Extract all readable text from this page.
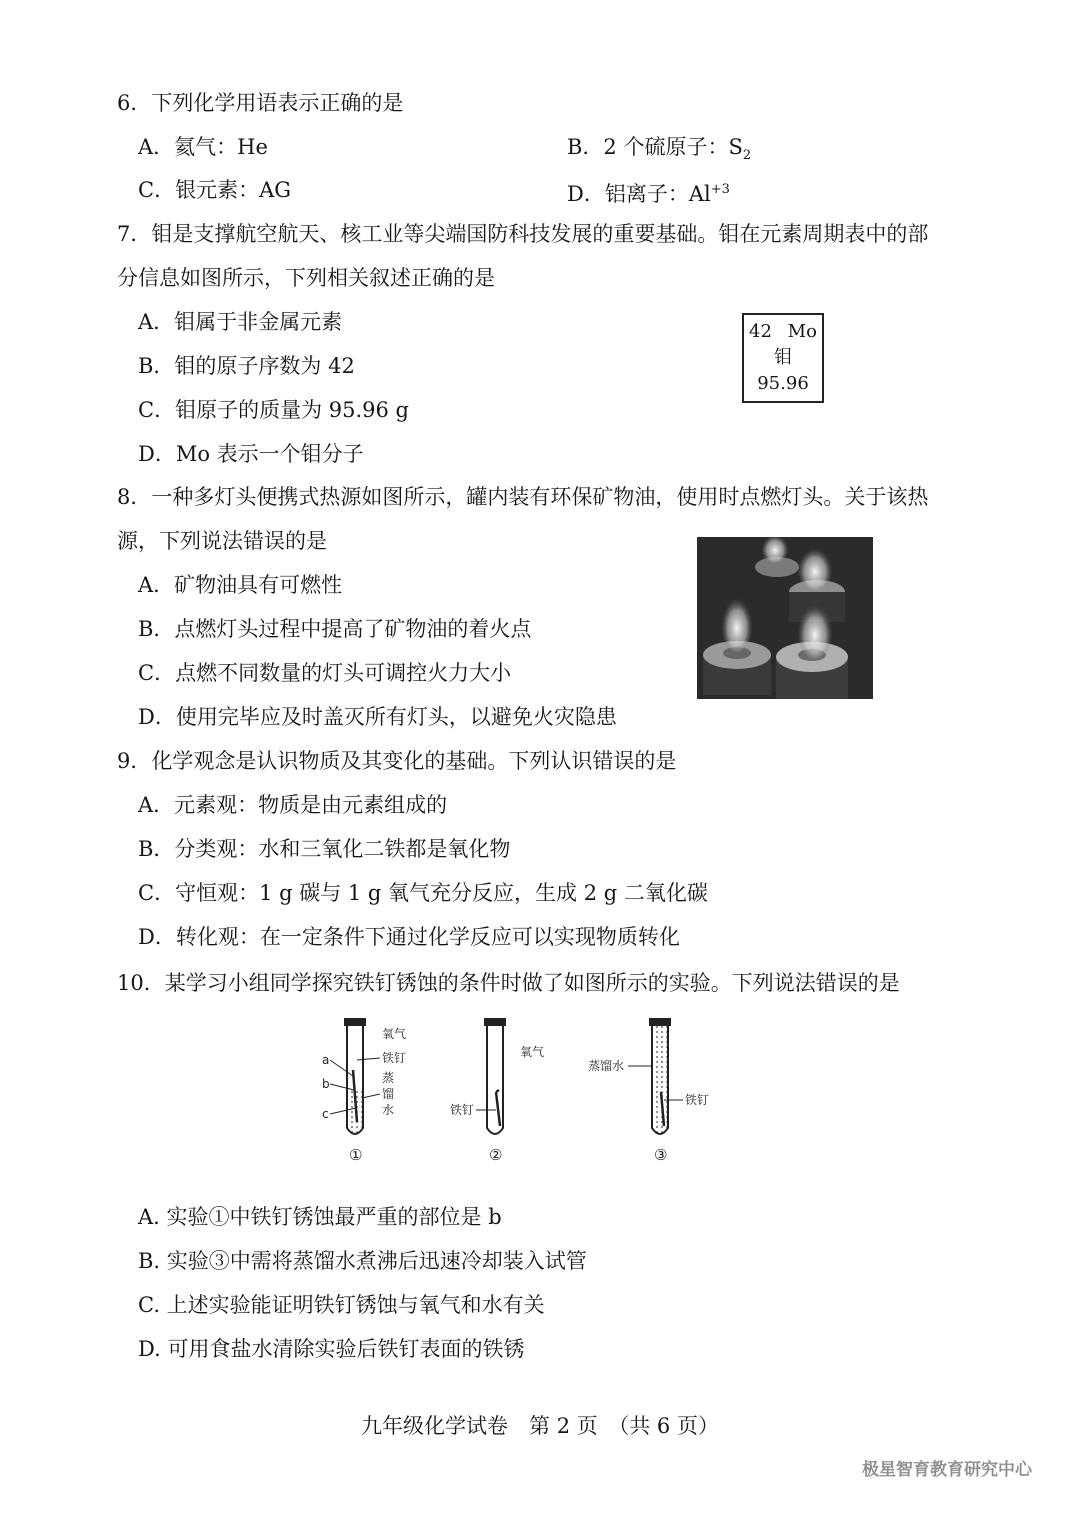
6．下列化学用语表示正确的是
A．氦气：He	B．2 个硫原子：$S_2$
C．银元素：AG	D．铝离子：$Al^{+3}$
7．钼是支撑航空航天、核工业等尖端国防科技发展的重要基础。钼在元素周期表中的部
分信息如图所示，下列相关叙述正确的是
A．钼属于非金属元素
B．钼的原子序数为 42
C．钼原子的质量为 95.96 g
D．Mo 表示一个钼分子
42 Mo
钼
95.96
8．一种多灯头便携式热源如图所示，罐内装有环保矿物油，使用时点燃灯头。关于该热
源，下列说法错误的是
A．矿物油具有可燃性
B．点燃灯头过程中提高了矿物油的着火点
C．点燃不同数量的灯头可调控火力大小
D．使用完毕应及时盖灭所有灯头，以避免火灾隐患
9．化学观念是认识物质及其变化的基础。下列认识错误的是
A．元素观：物质是由元素组成的
B．分类观：水和三氧化二铁都是氧化物
C．守恒观：1 g 碳与 1 g 氧气充分反应，生成 2 g 二氧化碳
D．转化观：在一定条件下通过化学反应可以实现物质转化
10．某学习小组同学探究铁钉锈蚀的条件时做了如图所示的实验。下列说法错误的是
氧气
铁钉
蒸
馏
水
a
b
c
①
氧气
铁钉
②
蒸馏水
铁钉
③
A. 实验①中铁钉锈蚀最严重的部位是 b
B. 实验③中需将蒸馏水煮沸后迅速冷却装入试管
C. 上述实验能证明铁钉锈蚀与氧气和水有关
D. 可用食盐水清除实验后铁钉表面的铁锈
九年级化学试卷　第 2 页　（共 6 页）
极星智育教育研究中心
